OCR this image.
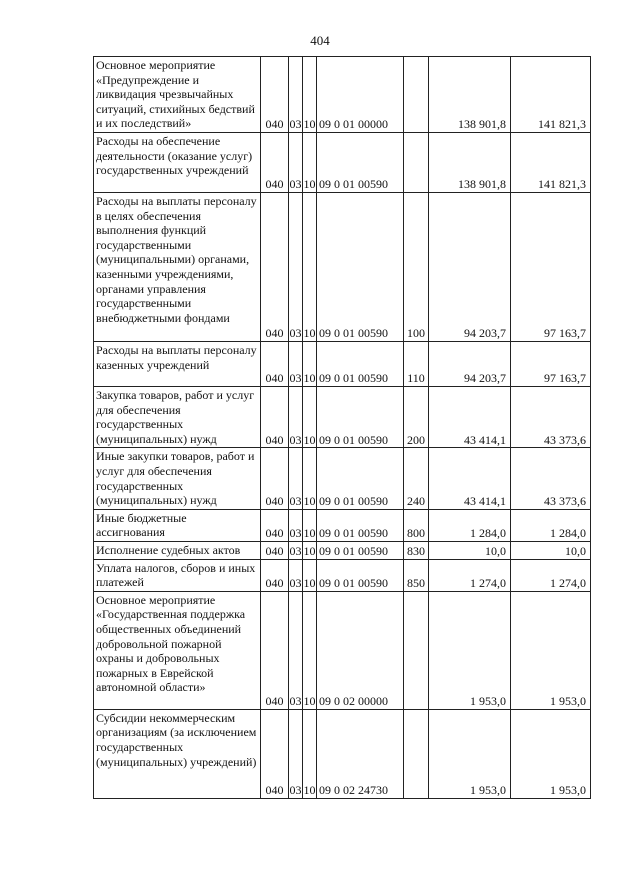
404
Основное мероприятие «Предупреждение и ликвидация чрезвычайных ситуаций, стихийных бедствий и их последствий»	040	03	10	09 0 01 00000		138 901,8	141 821,3

Расходы на обеспечение деятельности (оказание услуг) государственных учреждений	040	03	10	09 0 01 00590		138 901,8	141 821,3

Расходы на выплаты персоналу в целях обеспечения выполнения функций государственными (муниципальными) органами, казенными учреждениями, органами управления государственными внебюджетными фондами	040	03	10	09 0 01 00590	100	94 203,7	97 163,7

Расходы на выплаты персоналу казенных учреждений	040	03	10	09 0 01 00590	110	94 203,7	97 163,7

Закупка товаров, работ и услуг для обеспечения государственных (муниципальных) нужд	040	03	10	09 0 01 00590	200	43 414,1	43 373,6

Иные закупки товаров, работ и услуг для обеспечения государственных (муниципальных) нужд	040	03	10	09 0 01 00590	240	43 414,1	43 373,6

Иные бюджетные ассигнования	040	03	10	09 0 01 00590	800	1 284,0	1 284,0

Исполнение судебных актов	040	03	10	09 0 01 00590	830	10,0	10,0

Уплата налогов, сборов и иных платежей	040	03	10	09 0 01 00590	850	1 274,0	1 274,0

Основное мероприятие «Государственная поддержка общественных объединений добровольной пожарной охраны и добровольных пожарных в Еврейской автономной области»	040	03	10	09 0 02 00000		1 953,0	1 953,0

Субсидии некоммерческим организациям (за исключением государственных (муниципальных) учреждений)	040	03	10	09 0 02 24730		1 953,0	1 953,0
